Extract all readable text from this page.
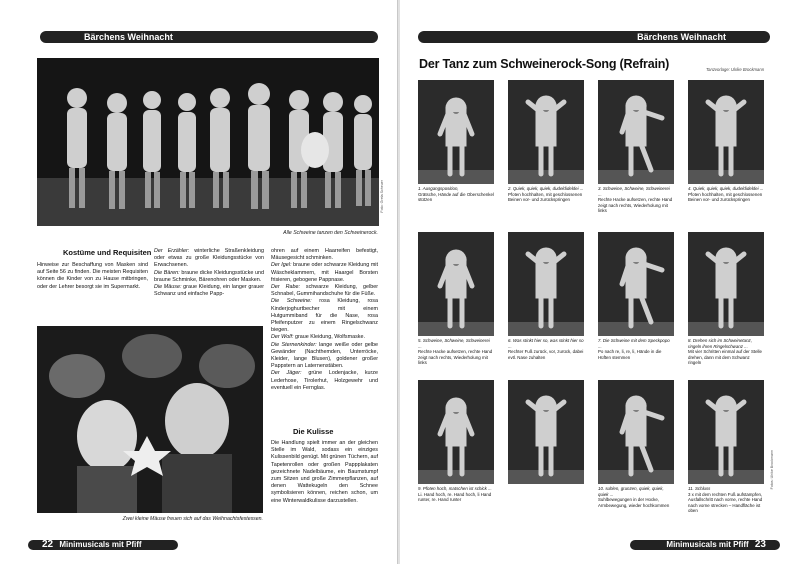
Bärchens Weihnacht
Foto: Greta Scheuer
Alle Schweine tanzen den Schweinerock.
Kostüme und Requisiten
Hinweise zur Beschaffung von Masken sind auf Seite 56 zu finden. Die meisten Requisiten können die Kinder von zu Hause mitbringen, oder der Lehrer besorgt sie im Supermarkt.

Der Erzähler: winterliche Straßenkleidung oder etwas zu große Kleidungsstücke von Erwachsenen.

Die Bären: braune dicke Kleidungsstücke und braune Schminke, Bärenohren oder Masken.

Die Mäuse: graue Kleidung, ein langer grauer Schwanz und einfache Papp-

Zwei kleine Mäuse freuen sich auf das Weihnachtsfestessen.

ohren auf einem Haarreifen befestigt, Mäusegesicht schminken.

Der Igel: braune oder schwarze Kleidung mit Wäscheklammern, mit Haargel Borsten frisieren, gebogene Pappnase.

Der Rabe: schwarze Kleidung, gelber Schnabel, Gummihandschuhe für die Füße.

Die Schweine: rosa Kleidung, rosa Kinderjoghurtbecher mit einem Hutgummiband für die Nase, rosa Pfeifenputzer zu einem Ringelschwanz biegen.

Der Wolf: graue Kleidung, Wolfsmaske.

Die Sternenkinder: lange weiße oder gelbe Gewänder (Nachthemden, Unterröcke, Kleider, lange Blusen), goldener großer Pappstern an Laternenstäben.

Der Jäger: grüne Lodenjacke, kurze Lederhose, Tirolerhut, Holzgewehr und eventuell ein Fernglas.

Die Kulisse
Die Handlung spielt immer an der gleichen Stelle im Wald, sodass ein einziges Kulissenbild genügt. Mit grünen Tüchern, auf Tapetenrollen oder großen Pappplakaten gezeichnete Nadelbäume, ein Baumstumpf zum Sitzen und große Zimmerpflanzen, auf denen Wattekugeln den Schnee symbolisieren können, reichen schon, um eine Winterwaldkulisse darzustellen.
22 Minimusicals mit Pfiff
Bärchens Weihnacht
Der Tanz zum Schweinerock-Song (Refrain)	Tanzvorlage: Ulrike Brockmann
1. Ausgangsposition,
Grätsche, Hände auf die Oberschenkel stützen
2. Quiek, quiek, quiek, dudeldideldei ...
Pfoten hochhalten, mit geschlossenen Beinen vor- und zurückspringen
3. Schweine, Schweine, Schweinerei ...
Rechte Hacke aufsetzen, rechte Hand zeigt nach rechts, Wiederholung mit links
4. Quiek, quiek, quiek, dudeldideldei ...
Pfoten hochhalten, mit geschlossenen Beinen vor- und zurückspringen
5. Schweine, Schweine, Schweinerei ...
Rechte Hacke aufsetzen, rechte Hand zeigt nach rechts, Wiederholung mit links
6. Was stinkt hier so, was stinkt hier so ...
Rechter Fuß zurück, vor, zurück, dabei evtl. Nase zuhalten
7. Die Schweine mit dem Speckpopo ...
Po nach re, li, re, li, Hände in die Hüften stemmen
8. Drehen sich im Schweinetanz, ringeln ihren Ringelschwanz ...
Mit vier Schritten einmal auf der Stelle drehen, dann mit dem Schwanz ringeln
9. Pfoten hoch, matschen ist schick ...
Li. Hand hoch, re. Hand hoch, li Hand runter, re. Hand runter

10. suhlen, grunzen, quiek, quiek, quiek ...
Suhlbewegungen in der Hocke, Armbewegung, wieder hochkommen
11. Schluss
3 x mit dem rechten Fuß aufstampfen, Ausfallschritt nach vorne, rechte Hand nach vorne strecken – Handfläche ist oben
Fotos: Ulrike Brockmann
Minimusicals mit Pfiff 23
